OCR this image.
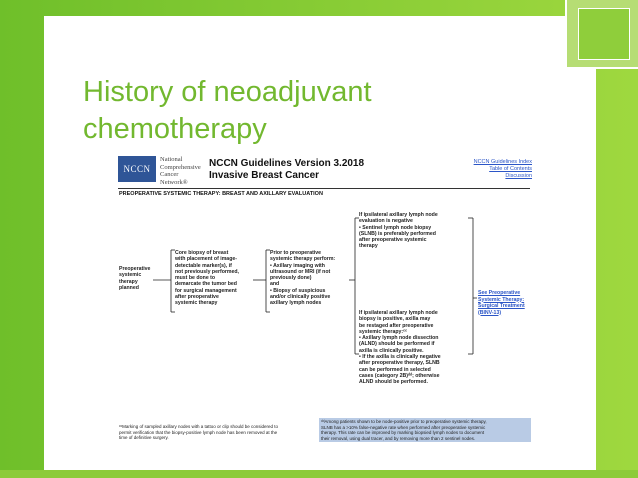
History of neoadjuvant
chemotherapy
NCCN
National
Comprehensive
Cancer
Network®
NCCN Guidelines Version 3.2018
Invasive Breast Cancer
NCCN Guidelines Index
Table of Contents
Discussion
PREOPERATIVE SYSTEMIC THERAPY: BREAST AND AXILLARY EVALUATION
Preoperative
systemic
therapy
planned
Core biopsy of breast
with placement of image-
detectable marker(s), if
not previously performed,
must be done to
demarcate the tumor bed
for surgical management
after preoperative
systemic therapy
Prior to preoperative
systemic therapy perform:
• Axillary imaging with
ultrasound or MRI (if not
previously done)
and
• Biopsy of suspicious
and/or clinically positive
axillary lymph nodes
If ipsilateral axillary lymph node
evaluation is negative
• Sentinel lymph node biopsy
(SLNB) is preferably performed
after preoperative systemic
therapy
If ipsilateral axillary lymph node
biopsy is positive, axilla may
be restaged after preoperative
systemic therapy:ᶜᶜ
• Axillary lymph node dissection
(ALND) should be performed if
axilla is clinically positive.
• If the axilla is clinically negative
after preoperative therapy, SLNB
can be performed in selected
cases (category 2B)ᵈᵈ; otherwise
ALND should be performed.
See Preoperative
Systemic Therapy:
Surgical Treatment
(BINV-13)
ᶜᶜMarking of sampled axillary nodes with a tattoo or clip should be considered to
permit verification that the biopsy-positive lymph node has been removed at the
time of definitive surgery.
ᵈᵈAmong patients shown to be node-positive prior to preoperative systemic therapy,
SLNB has a >10% false-negative rate when performed after preoperative systemic
therapy. This rate can be improved by marking biopsied lymph nodes to document
their removal, using dual tracer, and by removing more than 2 sentinel nodes.
